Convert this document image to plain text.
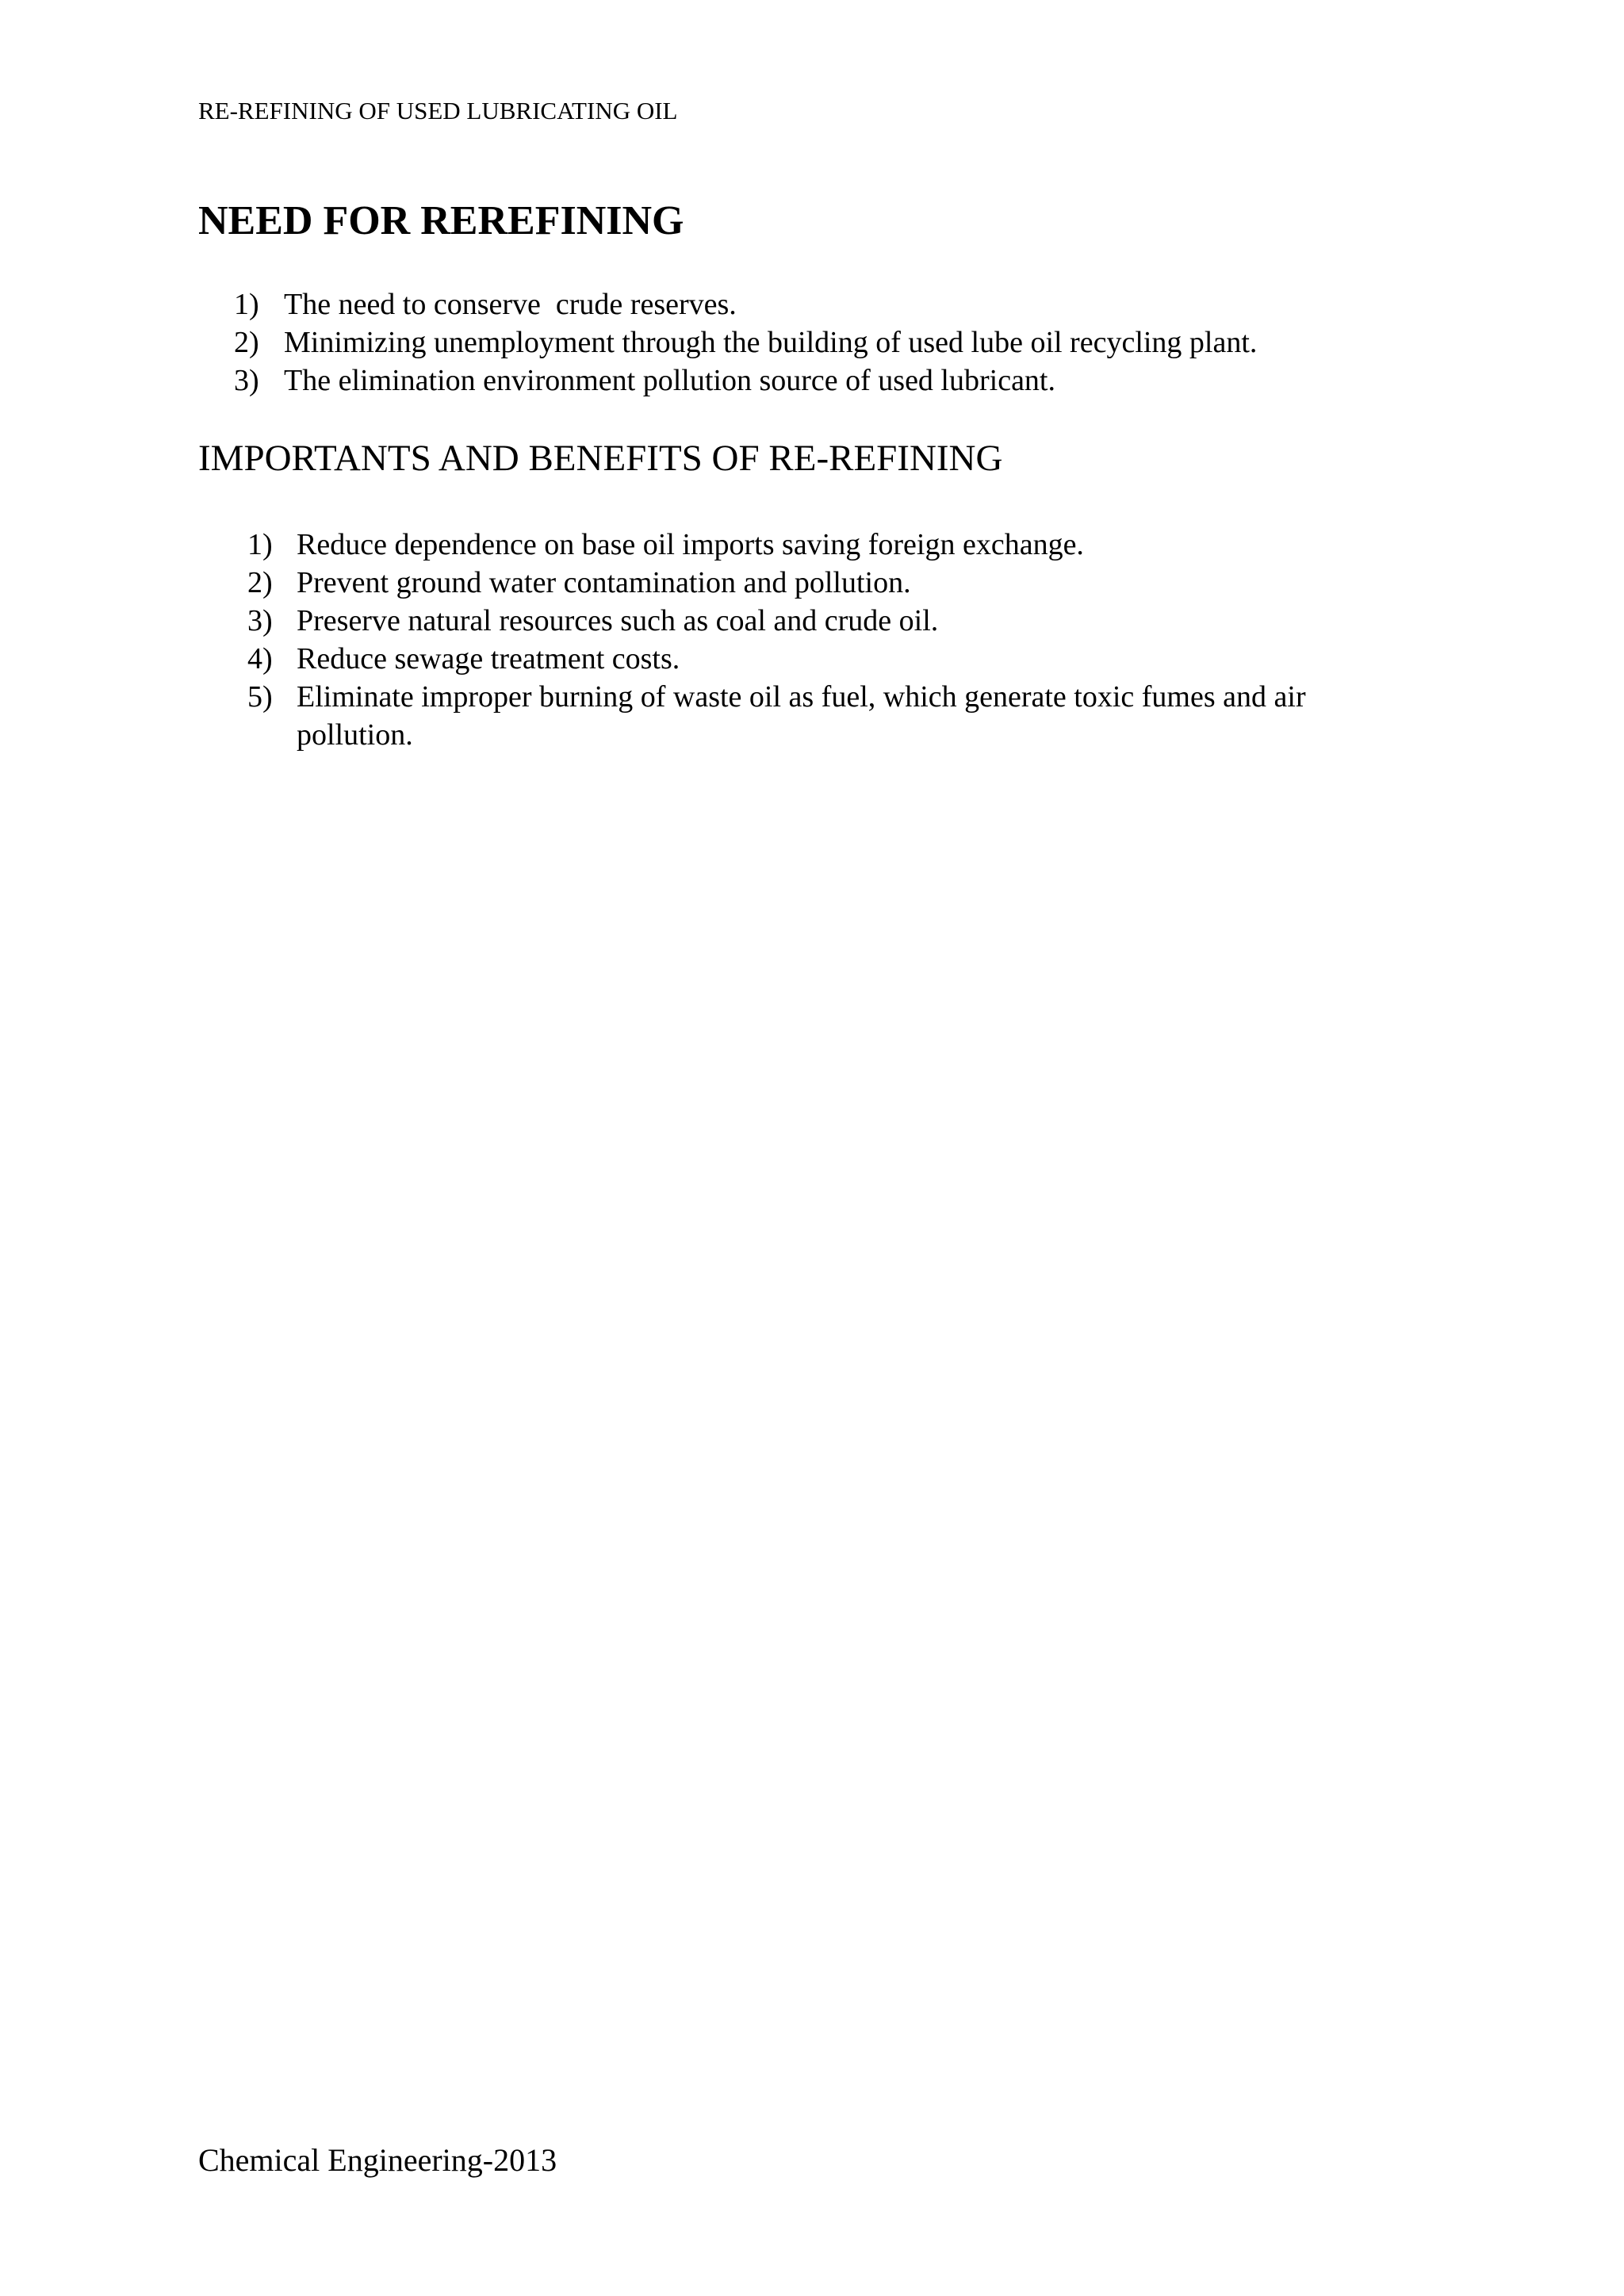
RE-REFINING OF USED LUBRICATING OIL
NEED FOR REREFINING
1) The need to conserve  crude reserves.
2) Minimizing unemployment through the building of used lube oil recycling plant.
3) The elimination environment pollution source of used lubricant.
IMPORTANTS AND BENEFITS OF RE-REFINING
1) Reduce dependence on base oil imports saving foreign exchange.
2) Prevent ground water contamination and pollution.
3) Preserve natural resources such as coal and crude oil.
4) Reduce sewage treatment costs.
5) Eliminate improper burning of waste oil as fuel, which generate toxic fumes and air pollution.
Chemical Engineering-2013
